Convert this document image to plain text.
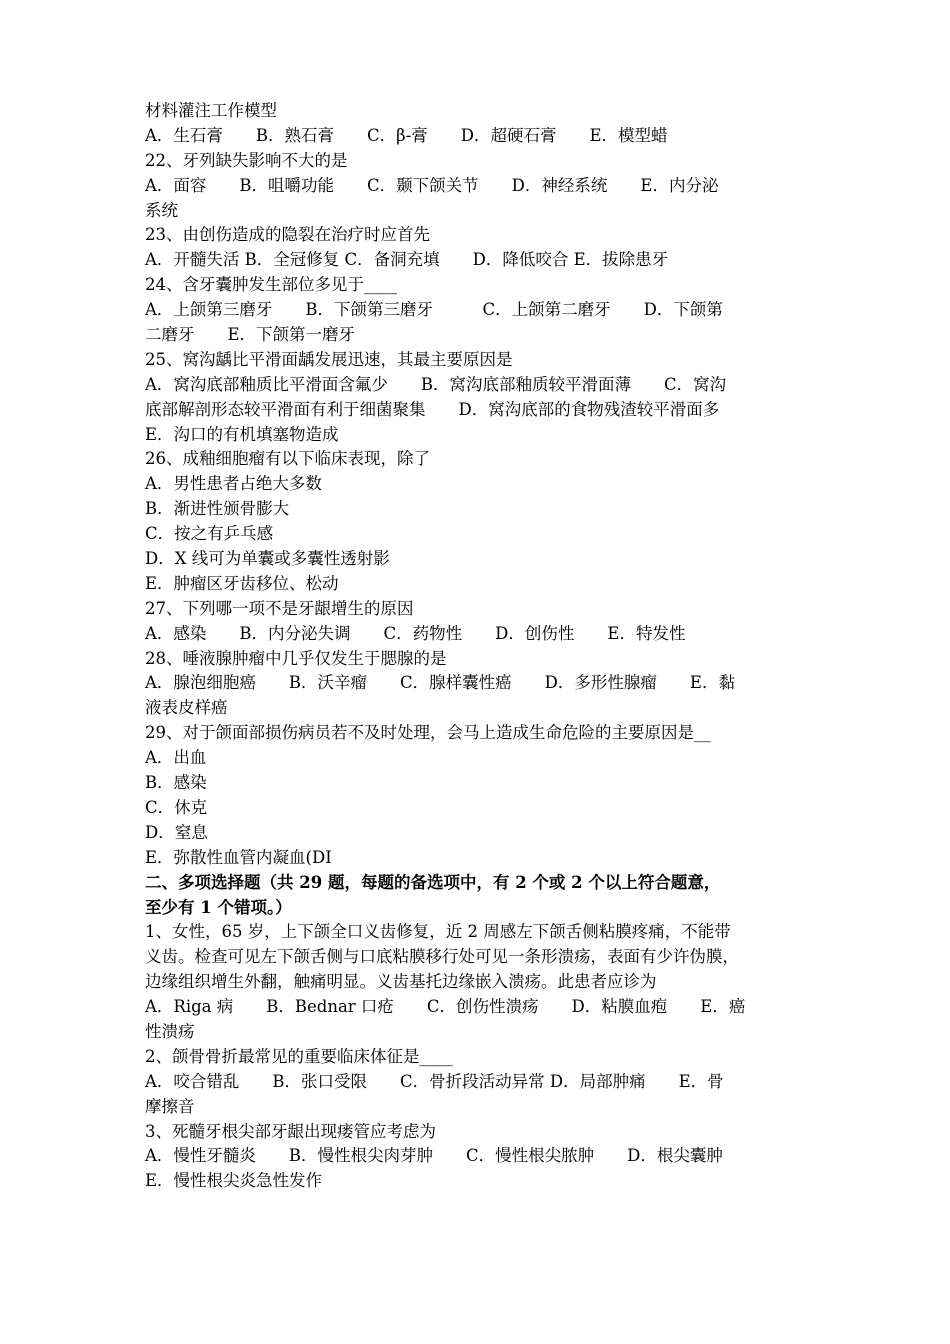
材料灌注工作模型
A．生石膏　　B．熟石膏　　C．β-膏　　D．超硬石膏　　E．模型蜡
22、牙列缺失影响不大的是
A．面容　　B．咀嚼功能　　C．颞下颌关节　　D．神经系统　　E．内分泌
系统
23、由创伤造成的隐裂在治疗时应首先
A．开髓失活 B．全冠修复 C．备洞充填　　D．降低咬合 E．拔除患牙
24、含牙囊肿发生部位多见于____
A．上颌第三磨牙　　B．下颌第三磨牙　　　C．上颌第二磨牙　　D．下颌第
二磨牙　　E．下颌第一磨牙
25、窝沟龋比平滑面龋发展迅速，其最主要原因是
A．窝沟底部釉质比平滑面含氟少　　B．窝沟底部釉质较平滑面薄　　C．窝沟
底部解剖形态较平滑面有利于细菌聚集　　D．窝沟底部的食物残渣较平滑面多
E．沟口的有机填塞物造成
26、成釉细胞瘤有以下临床表现，除了
A．男性患者占绝大多数
B．渐进性颁骨膨大
C．按之有乒乓感
D．X 线可为单囊或多囊性透射影
E．肿瘤区牙齿移位、松动
27、下列哪一项不是牙龈增生的原因
A．感染　　B．内分泌失调　　C．药物性　　D．创伤性　　E．特发性
28、唾液腺肿瘤中几乎仅发生于腮腺的是
A．腺泡细胞癌　　B．沃辛瘤　　C．腺样囊性癌　　D．多形性腺瘤　　E．黏
液表皮样癌
29、对于颌面部损伤病员若不及时处理，会马上造成生命危险的主要原因是__
A．出血
B．感染
C．休克
D．窒息
E．弥散性血管内凝血(DI
二、多项选择题（共 29 题，每题的备选项中，有 2 个或 2 个以上符合题意，
至少有 1 个错项。）
1、女性，65 岁，上下颌全口义齿修复，近 2 周感左下颌舌侧粘膜疼痛，不能带
义齿。检查可见左下颌舌侧与口底粘膜移行处可见一条形溃疡，表面有少许伪膜，
边缘组织增生外翻，触痛明显。义齿基托边缘嵌入溃疡。此患者应诊为
A．Riga 病　　B．Bednar 口疮　　C．创伤性溃疡　　D．粘膜血疱　　E．癌
性溃疡
2、颌骨骨折最常见的重要临床体征是____
A．咬合错乱　　B．张口受限　　C．骨折段活动异常 D．局部肿痛　　E．骨
摩擦音
3、死髓牙根尖部牙龈出现瘘管应考虑为
A．慢性牙髓炎　　B．慢性根尖肉芽肿　　C．慢性根尖脓肿　　D．根尖囊肿
E．慢性根尖炎急性发作
